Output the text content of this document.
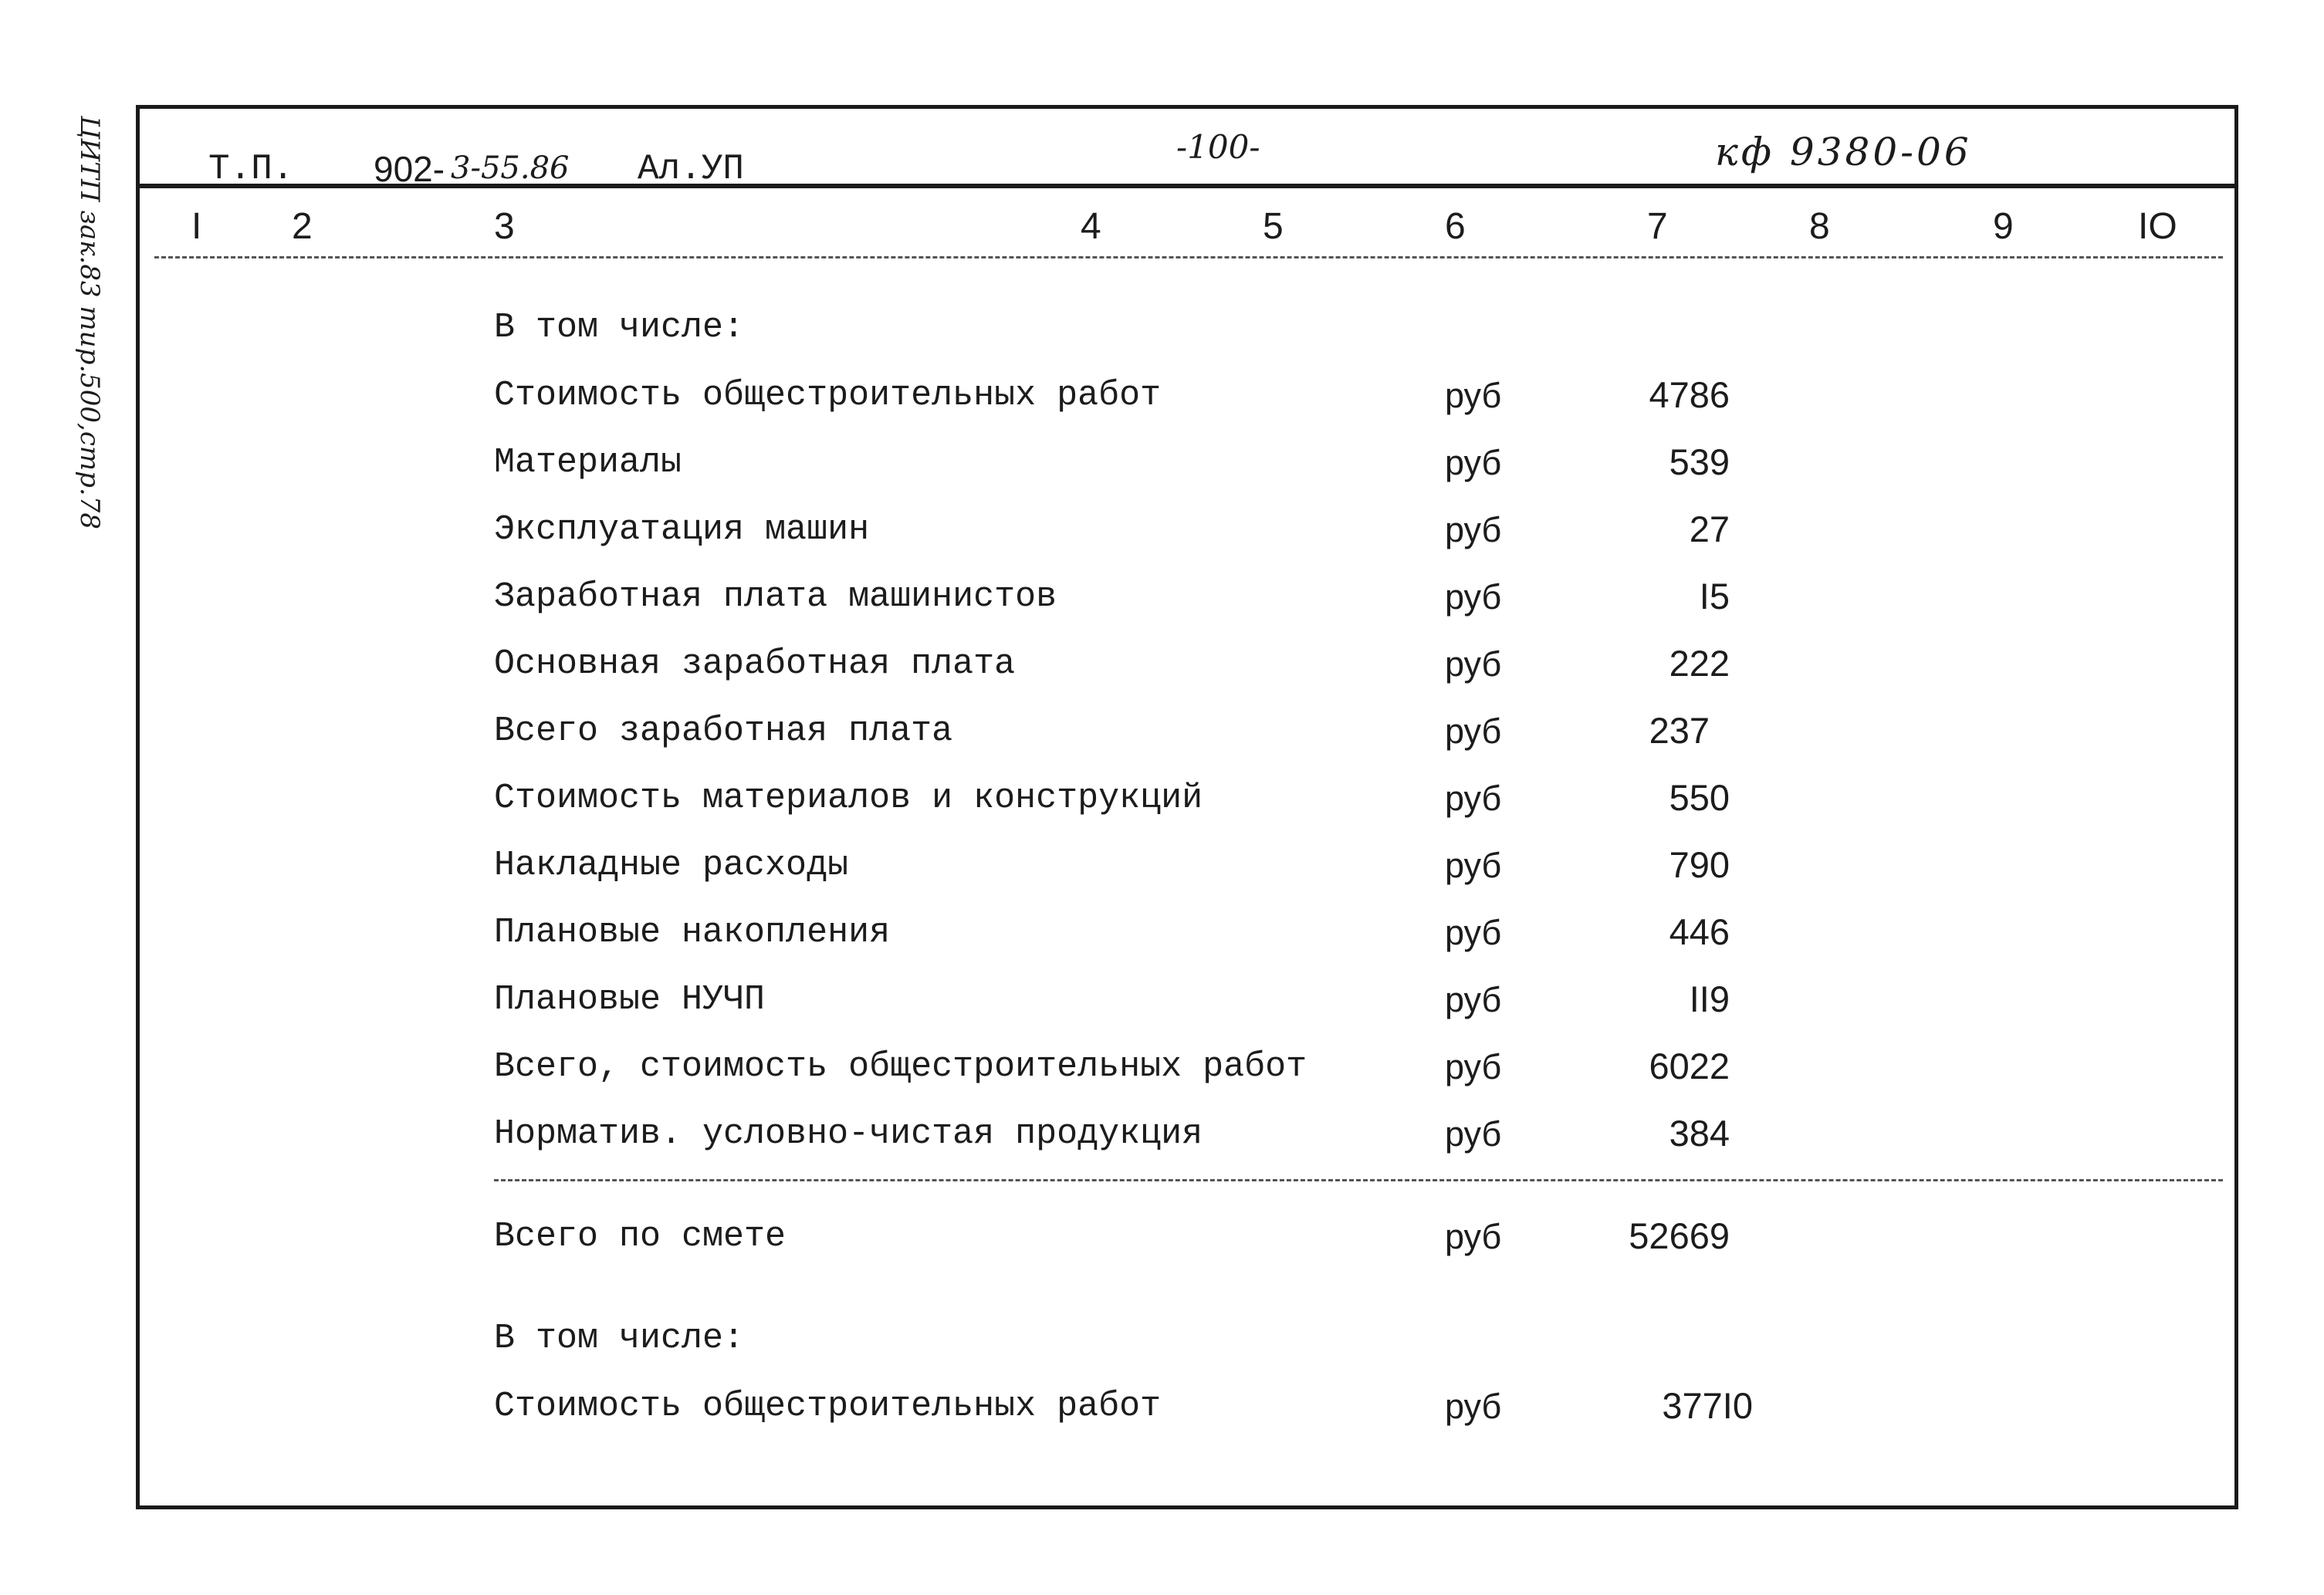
ЦИТП зак.83 тир.500,стр.78	Т.П. 902- 3-55.86 Ал.УП
-100-	кф 9380-06
I 2	3	4	5	6	7	8	9	IO
В том числе:
Стоимость общестроительных работ	руб	4786
Материалы	руб	539
Эксплуатация машин	руб	27
Заработная плата машинистов	руб	I5
Основная заработная плата	руб	222
Всего заработная плата	руб	237
Стоимость материалов и конструкций	руб	550
Накладные расходы	руб	790
Плановые накопления	руб	446
Плановые НУЧП	руб	II9
Всего, стоимость общестроительных работ	руб	6022
Норматив. условно-чистая продукция	руб	384
Всего по смете	руб	52669
В том числе:
Стоимость общестроительных работ	руб	377I0
